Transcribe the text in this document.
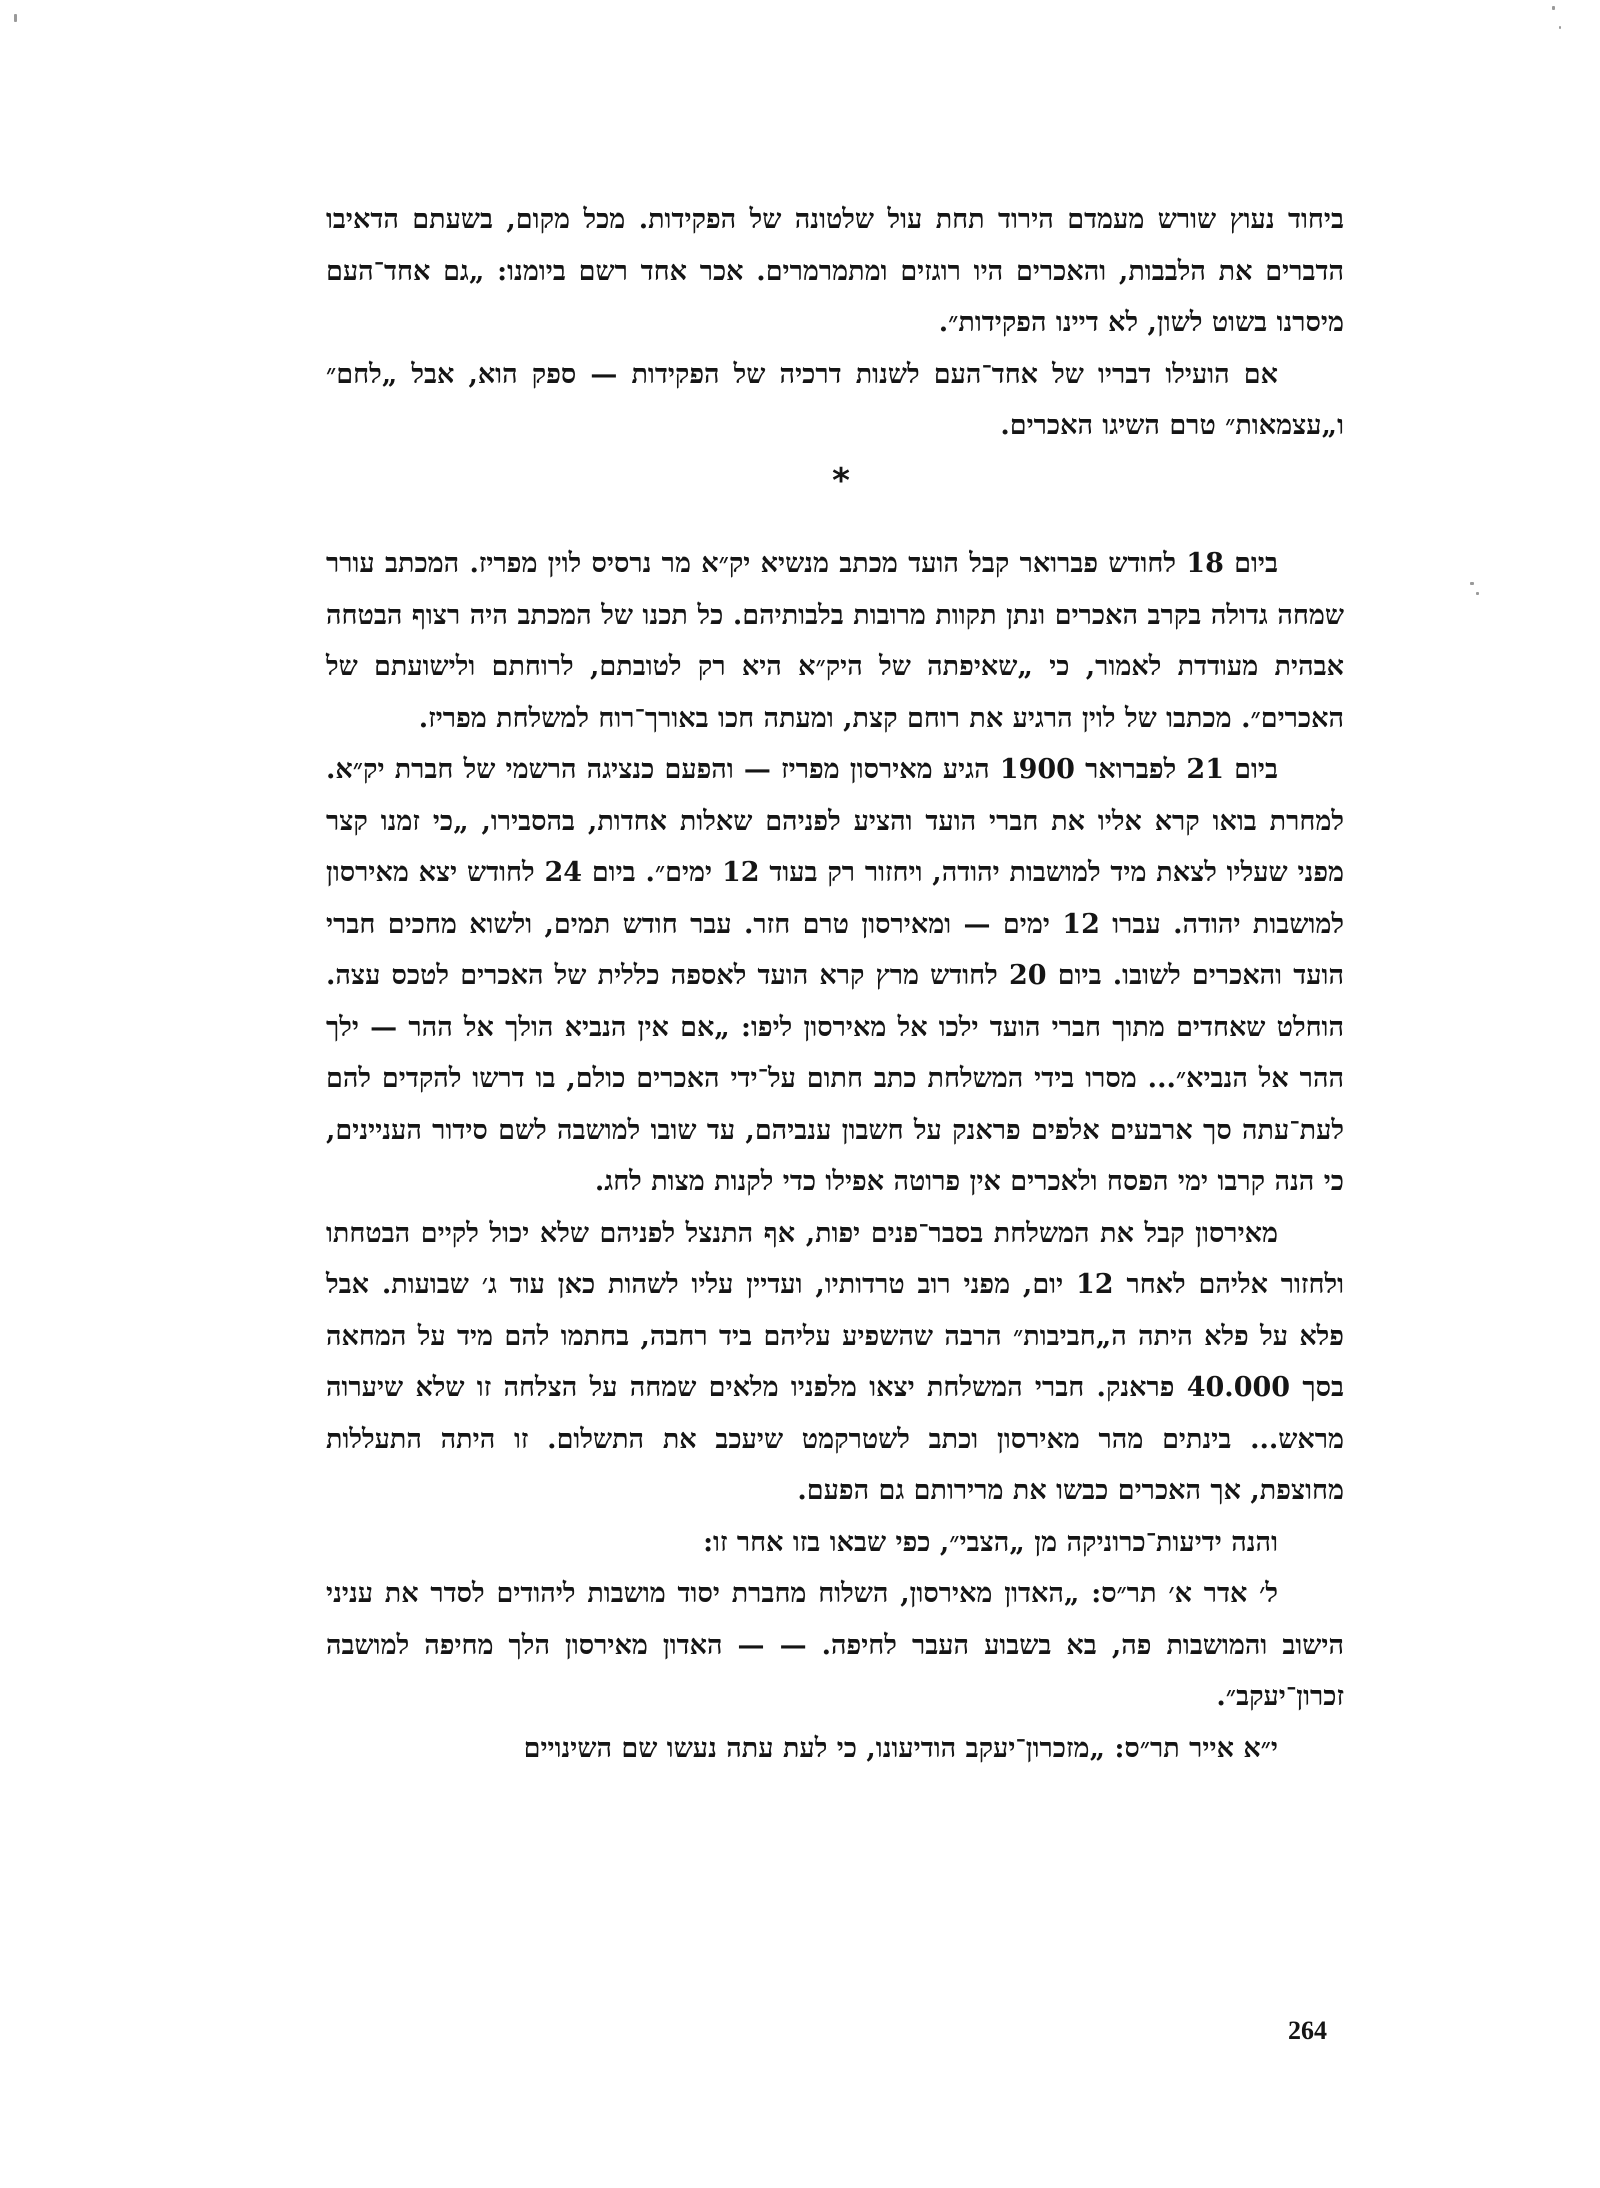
ביחוד נעוץ שורש מעמדם הירוד תחת עול שלטונה של הפקידות. מכל מקום, בשעתם הדאיבו הדברים את הלבבות, והאכרים היו רוגזים ומתמרמרים. אכר אחד רשם ביומנו: „גם אחד־העם מיסרנו בשוט לשון, לא דיינו הפקידות״.

אם הועילו דבריו של אחד־העם לשנות דרכיה של הפקידות — ספק הוא, אבל „לחם״ ו„עצמאות״ טרם השיגו האכרים.

*

ביום 18 לחודש פברואר קבל הועד מכתב מנשיא יק״א מר נרסיס לוין מפריז. המכתב עורר שמחה גדולה בקרב האכרים ונתן תקוות מרובות בלבותיהם. כל תכנו של המכתב היה רצוף הבטחה אבהית מעודדת לאמור, כי „שאיפתה של היק״א היא רק לטובתם, לרוחתם ולישועתם של האכרים״. מכתבו של לוין הרגיע את רוחם קצת, ומעתה חכו באורך־רוח למשלחת מפריז.

ביום 21 לפברואר 1900 הגיע מאירסון מפריז — והפעם כנציגה הרשמי של חברת יק״א. למחרת בואו קרא אליו את חברי הועד והציע לפניהם שאלות אחדות, בהסבירו, „כי זמנו קצר מפני שעליו לצאת מיד למושבות יהודה, ויחזור רק בעוד 12 ימים״. ביום 24 לחודש יצא מאירסון למושבות יהודה. עברו 12 ימים — ומאירסון טרם חזר. עבר חודש תמים, ולשוא מחכים חברי הועד והאכרים לשובו. ביום 20 לחודש מרץ קרא הועד לאספה כללית של האכרים לטכס עצה. הוחלט שאחדים מתוך חברי הועד ילכו אל מאירסון ליפו: „אם אין הנביא הולך אל ההר — ילך ההר אל הנביא״... מסרו בידי המשלחת כתב חתום על־ידי האכרים כולם, בו דרשו להקדים להם לעת־עתה סך ארבעים אלפים פראנק על חשבון ענביהם, עד שובו למושבה לשם סידור העניינים, כי הנה קרבו ימי הפסח ולאכרים אין פרוטה אפילו כדי לקנות מצות לחג.

מאירסון קבל את המשלחת בסבר־פנים יפות, אף התנצל לפניהם שלא יכול לקיים הבטחתו ולחזור אליהם לאחר 12 יום, מפני רוב טרדותיו, ועדיין עליו לשהות כאן עוד ג׳ שבועות. אבל פלא על פלא היתה ה„חביבות״ הרבה שהשפיע עליהם ביד רחבה, בחתמו להם מיד על המחאה בסך 40.000 פראנק. חברי המשלחת יצאו מלפניו מלאים שמחה על הצלחה זו שלא שיערוה מראש... בינתים מהר מאירסון וכתב לשטרקמט שיעכב את התשלום. זו היתה התעללות מחוצפת, אך האכרים כבשו את מרירותם גם הפעם.

והנה ידיעות־כרוניקה מן „הצבי״, כפי שבאו בזו אחר זו:

ל׳ אדר א׳ תר״ס: „האדון מאירסון, השלוח מחברת יסוד מושבות ליהודים לסדר את עניני הישוב והמושבות פה, בא בשבוע העבר לחיפה. — — האדון מאירסון הלך מחיפה למושבה זכרון־יעקב״.

י״א אייר תר״ס: „מזכרון־יעקב הודיעונו, כי לעת עתה נעשו שם השינויים

264
